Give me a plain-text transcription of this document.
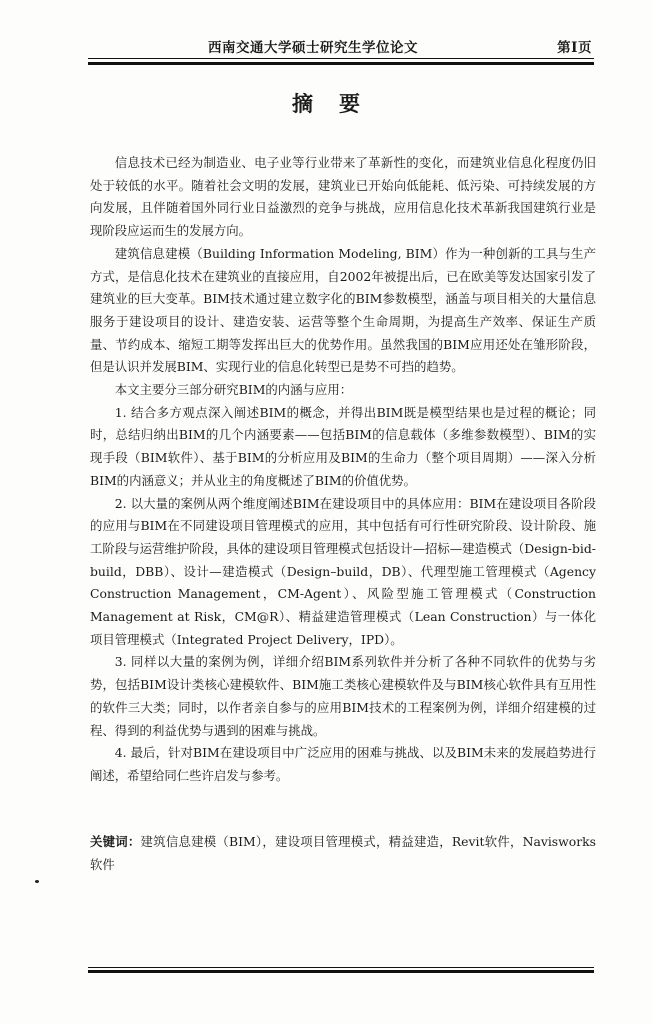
西南交通大学硕士研究生学位论文	第I页
摘要

信息技术已经为制造业、电子业等行业带来了革新性的变化，而建筑业信息化程度仍旧处于较低的水平。随着社会文明的发展，建筑业已开始向低能耗、低污染、可持续发展的方向发展，且伴随着国外同行业日益激烈的竞争与挑战，应用信息化技术革新我国建筑行业是现阶段应运而生的发展方向。

建筑信息建模（Building Information Modeling, BIM）作为一种创新的工具与生产方式，是信息化技术在建筑业的直接应用，自2002年被提出后，已在欧美等发达国家引发了建筑业的巨大变革。BIM技术通过建立数字化的BIM参数模型，涵盖与项目相关的大量信息服务于建设项目的设计、建造安装、运营等整个生命周期，为提高生产效率、保证生产质量、节约成本、缩短工期等发挥出巨大的优势作用。虽然我国的BIM应用还处在雏形阶段，但是认识并发展BIM、实现行业的信息化转型已是势不可挡的趋势。

本文主要分三部分研究BIM的内涵与应用：

1. 结合多方观点深入阐述BIM的概念，并得出BIM既是模型结果也是过程的概论；同时，总结归纳出BIM的几个内涵要素——包括BIM的信息载体（多维参数模型）、BIM的实现手段（BIM软件）、基于BIM的分析应用及BIM的生命力（整个项目周期）——深入分析BIM的内涵意义；并从业主的角度概述了BIM的价值优势。

2. 以大量的案例从两个维度阐述BIM在建设项目中的具体应用：BIM在建设项目各阶段的应用与BIM在不同建设项目管理模式的应用，其中包括有可行性研究阶段、设计阶段、施工阶段与运营维护阶段，具体的建设项目管理模式包括设计—招标—建造模式（Design-bid-build，DBB）、设计—建造模式（Design–build，DB）、代理型施工管理模式（Agency Construction Management，CM-Agent）、风险型施工管理模式（Construction Management at Risk，CM@R）、精益建造管理模式（Lean Construction）与一体化项目管理模式（Integrated Project Delivery，IPD）。

3. 同样以大量的案例为例，详细介绍BIM系列软件并分析了各种不同软件的优势与劣势，包括BIM设计类核心建模软件、BIM施工类核心建模软件及与BIM核心软件具有互用性的软件三大类；同时，以作者亲自参与的应用BIM技术的工程案例为例，详细介绍建模的过程、得到的利益优势与遇到的困难与挑战。

4. 最后，针对BIM在建设项目中广泛应用的困难与挑战、以及BIM未来的发展趋势进行阐述，希望给同仁些许启发与参考。

关键词：建筑信息建模（BIM），建设项目管理模式，精益建造，Revit软件，Navisworks软件
